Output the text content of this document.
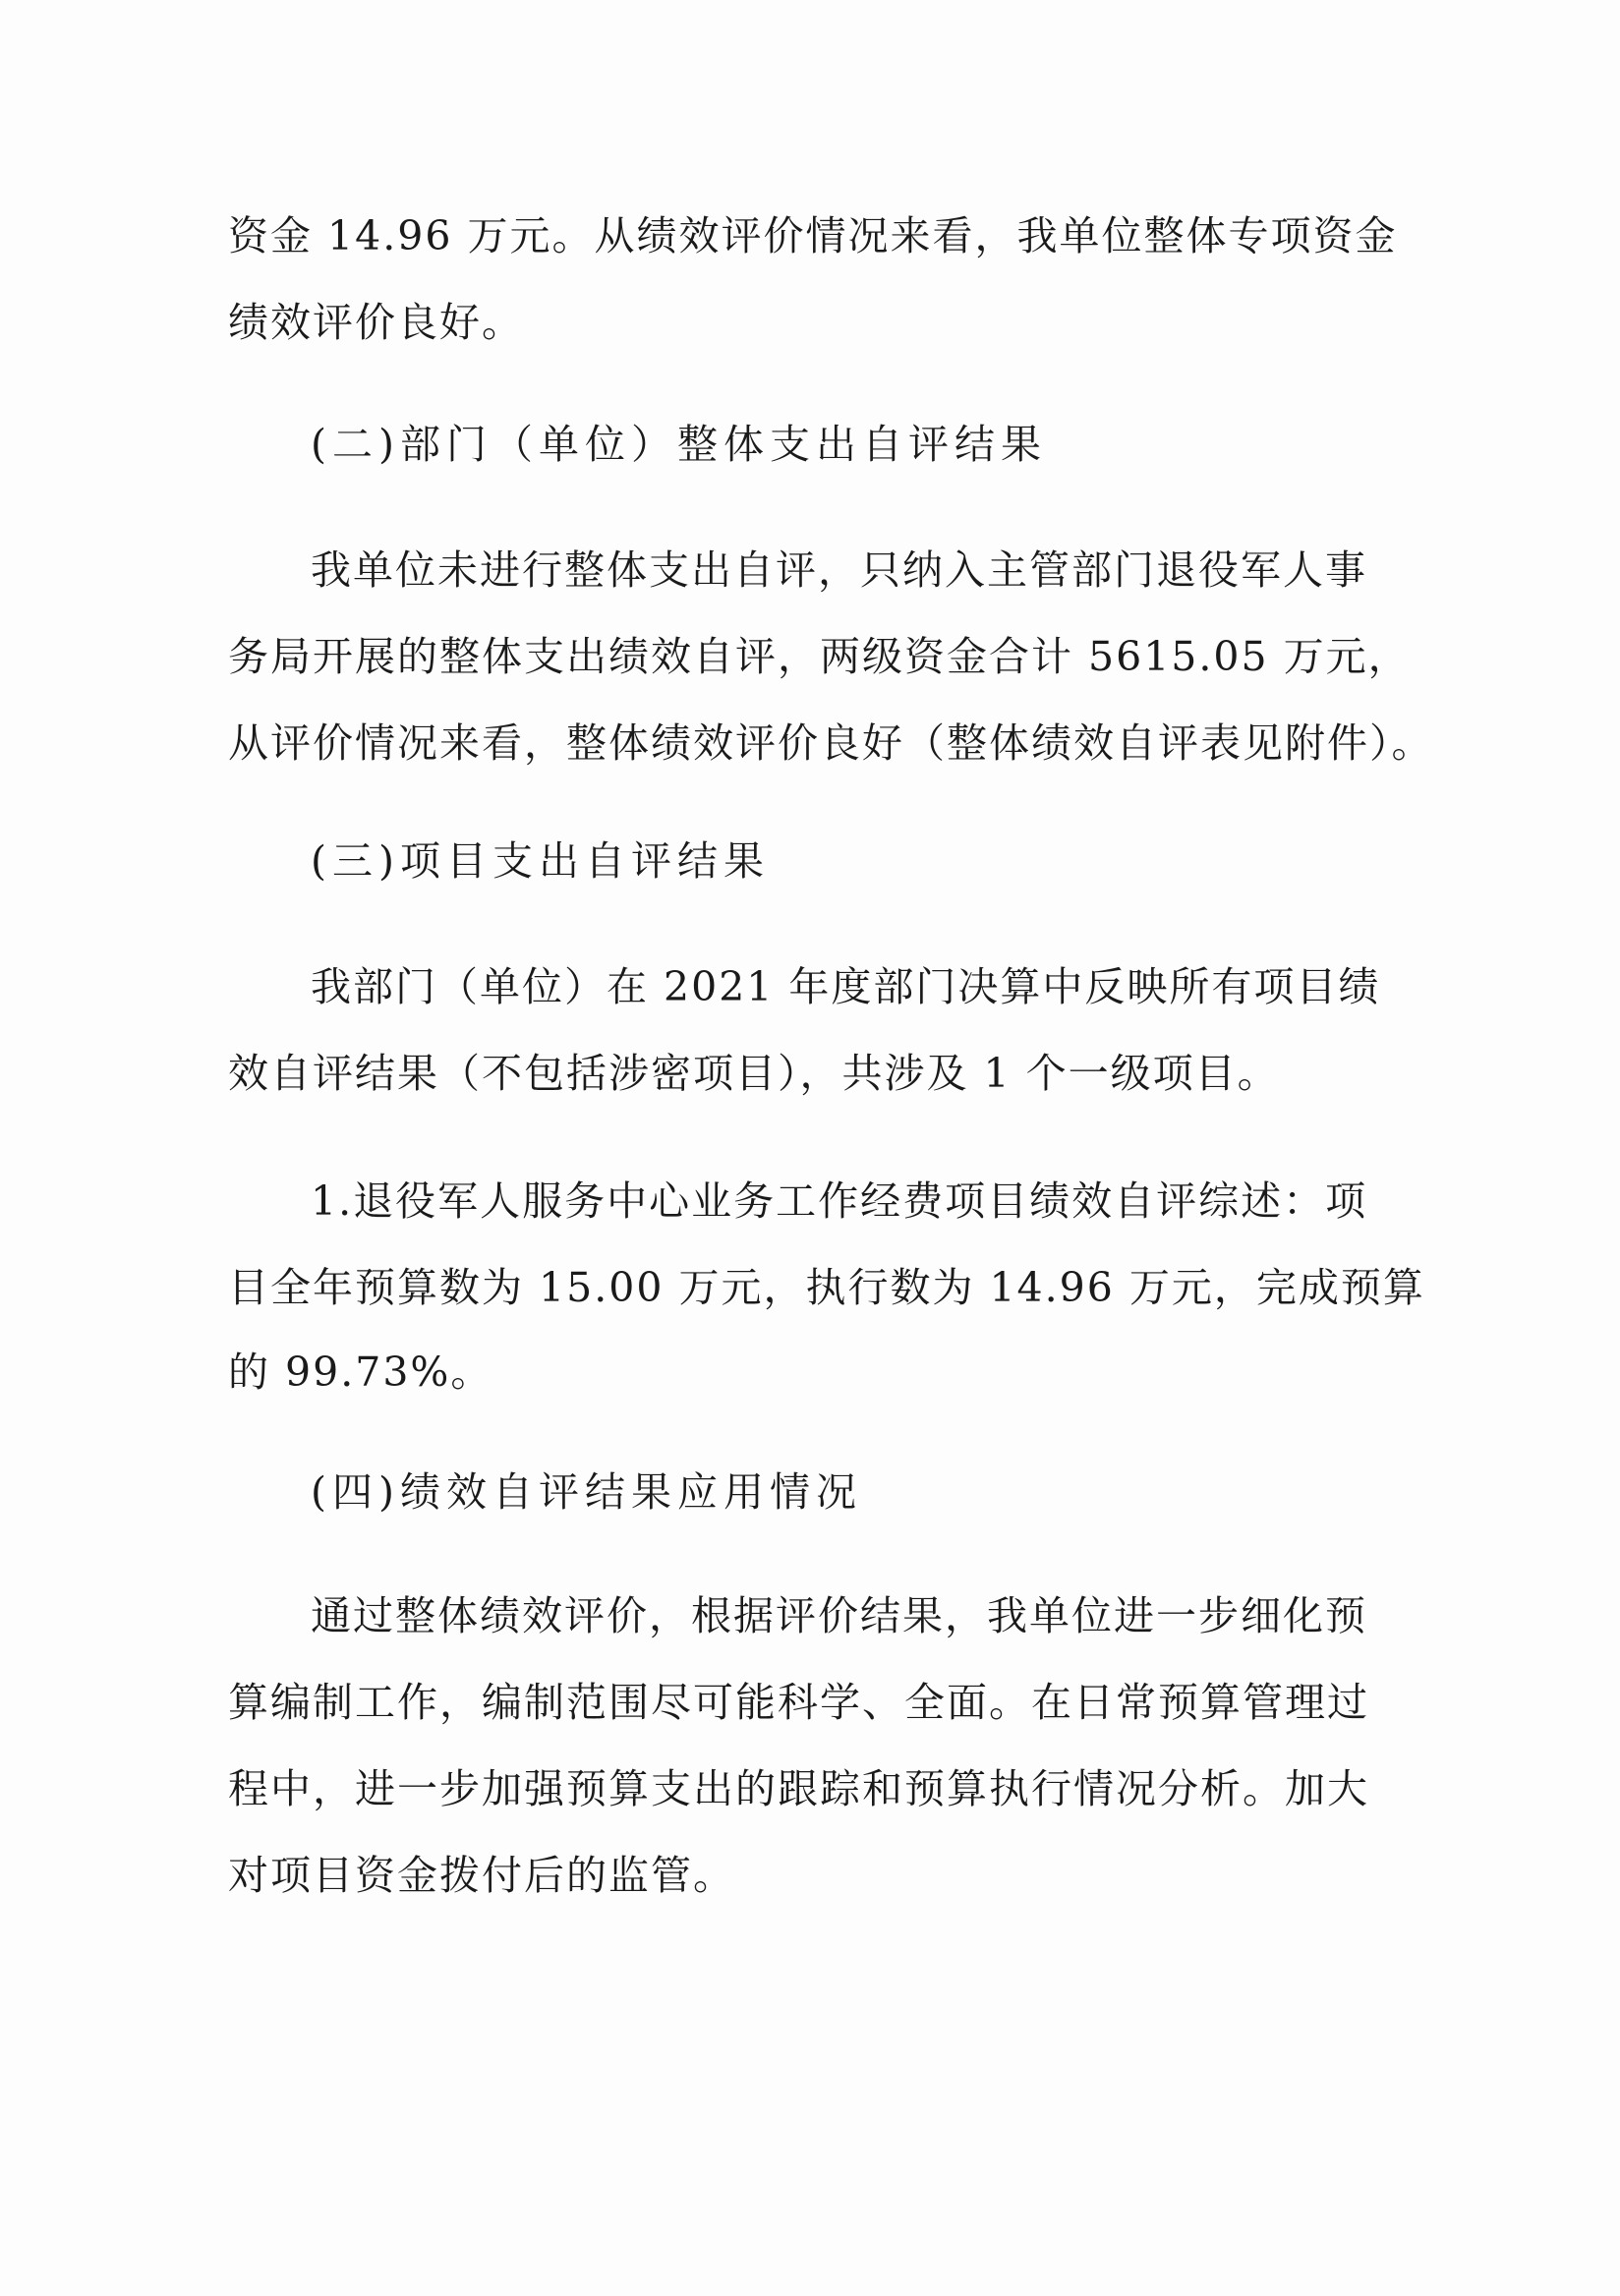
资金 14.96 万元。从绩效评价情况来看，我单位整体专项资金
绩效评价良好。
(二)部门（单位）整体支出自评结果
我单位未进行整体支出自评，只纳入主管部门退役军人事
务局开展的整体支出绩效自评，两级资金合计 5615.05 万元，
从评价情况来看，整体绩效评价良好（整体绩效自评表见附件）。
(三)项目支出自评结果
我部门（单位）在 2021 年度部门决算中反映所有项目绩
效自评结果（不包括涉密项目），共涉及 1 个一级项目。
1.退役军人服务中心业务工作经费项目绩效自评综述：项
目全年预算数为 15.00 万元，执行数为 14.96 万元，完成预算
的 99.73%。
(四)绩效自评结果应用情况
通过整体绩效评价，根据评价结果，我单位进一步细化预
算编制工作，编制范围尽可能科学、全面。在日常预算管理过
程中，进一步加强预算支出的跟踪和预算执行情况分析。加大
对项目资金拨付后的监管。
